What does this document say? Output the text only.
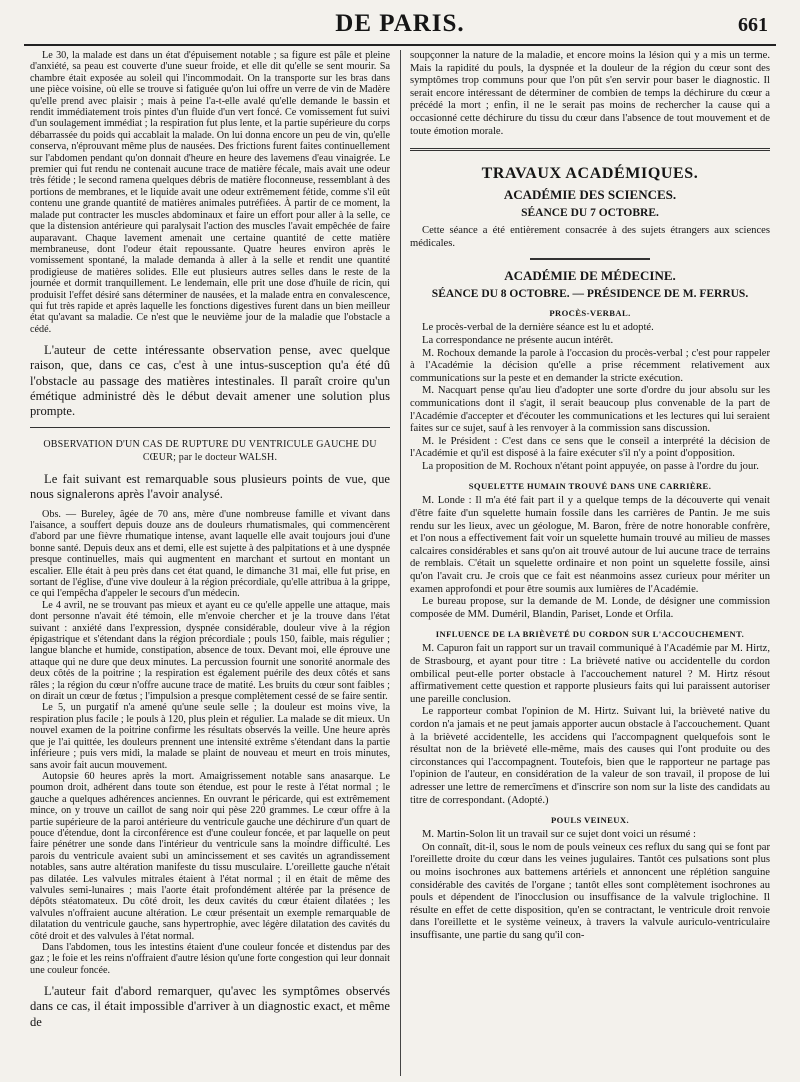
DE PARIS.	661

Le 30, la malade est dans un état d'épuisement notable ; sa figure est pâle et pleine d'anxiété, sa peau est couverte d'une sueur froide, et elle dit qu'elle se sent mourir. Sa chambre était exposée au soleil qui l'incommodait. On la transporte sur les bras dans une pièce voisine, où elle se trouve si fatiguée qu'on lui offre un verre de vin de Madère qu'elle prend avec plaisir ; mais à peine l'a-t-elle avalé qu'elle demande le bassin et rendit immédiatement trois pintes d'un fluide d'un vert foncé. Ce vomissement fut suivi d'un soulagement immédiat ; la respiration fut plus lente, et la partie supérieure du corps débarrassée du poids qui accablait la malade. On lui donna encore un peu de vin, qu'elle conserva, n'éprouvant même plus de nausées. Des frictions furent faites continuellement sur l'abdomen pendant qu'on donnait d'heure en heure des lavemens d'eau vinaigrée. Le premier qui fut rendu ne contenait aucune trace de matière fécale, mais avait une odeur très fétide ; le second ramena quelques débris de matière floconneuse, ressemblant à des portions de membranes, et le liquide avait une odeur extrêmement fétide, comme s'il eût contenu une grande quantité de matières animales putréfiées. À partir de ce moment, la malade put contracter les muscles abdominaux et faire un effort pour aller à la selle, ce que la distension antérieure qui paralysait l'action des muscles l'avait empêchée de faire auparavant. Chaque lavement amenait une certaine quantité de cette matière membraneuse, dont l'odeur était repoussante. Quatre heures environ après le vomissement spontané, la malade demanda à aller à la selle et rendit une quantité prodigieuse de matières solides. Elle eut plusieurs autres selles dans le reste de la journée et dormit tranquillement. Le lendemain, elle prit une dose d'huile de ricin, qui produisit l'effet désiré sans déterminer de nausées, et la malade entra en convalescence, qui fut très rapide et après laquelle les fonctions digestives furent dans un bien meilleur état qu'avant sa maladie. Ce n'est que le neuvième jour de la maladie que l'obstacle a cédé.

L'auteur de cette intéressante observation pense, avec quelque raison, que, dans ce cas, c'est à une intus-susception qu'a été dû l'obstacle au passage des matières intestinales. Il paraît croire qu'un émétique administré dès le début devait amener une solution plus prompte.

OBSERVATION D'UN CAS DE RUPTURE DU VENTRICULE GAUCHE DU CŒUR; par le docteur WALSH.

Le fait suivant est remarquable sous plusieurs points de vue, que nous signalerons après l'avoir analysé.

Obs. — Bureley, âgée de 70 ans, mère d'une nombreuse famille et vivant dans l'aisance, a souffert depuis douze ans de douleurs rhumatismales, qui commencèrent d'abord par une fièvre rhumatique intense, avant laquelle elle avait toujours joui d'une bonne santé. Depuis deux ans et demi, elle est sujette à des palpitations et à une dyspnée presque continuelles, mais qui augmentent en marchant et surtout en montant un escalier. Elle était à peu près dans cet état quand, le dimanche 31 mai, elle fut prise, en sortant de l'église, d'une vive douleur à la région précordiale, qu'elle attribua à la grippe, ce qui l'empêcha d'appeler le secours d'un médecin.

Le 4 avril, ne se trouvant pas mieux et ayant eu ce qu'elle appelle une attaque, mais dont personne n'avait été témoin, elle m'envoie chercher et je la trouve dans l'état suivant : anxiété dans l'expression, dyspnée considérable, douleur vive à la région épigastrique et s'étendant dans la région précordiale ; pouls 150, faible, mais régulier ; langue blanche et humide, constipation, absence de toux. Devant moi, elle éprouve une attaque qui ne dure que deux minutes. La percussion fournit une sonorité anormale des deux côtés de la poitrine ; la respiration est également puérile des deux côtés et sans râles ; la région du cœur n'offre aucune trace de matité. Les bruits du cœur sont faibles ; on dirait un cœur de fœtus ; l'impulsion a presque complètement cessé de se faire sentir.

Le 5, un purgatif n'a amené qu'une seule selle ; la douleur est moins vive, la respiration plus facile ; le pouls à 120, plus plein et régulier. La malade se dit mieux. Un nouvel examen de la poitrine confirme les résultats observés la veille. Une heure après que je l'ai quittée, les douleurs prennent une intensité extrême s'étendant dans la partie inférieure ; puis vers midi, la malade se plaint de nouveau et meurt en trois minutes, sans avoir fait aucun mouvement.

Autopsie 60 heures après la mort. Amaigrissement notable sans anasarque. Le poumon droit, adhérent dans toute son étendue, est pour le reste à l'état normal ; le gauche a quelques adhérences anciennes. En ouvrant le péricarde, qui est extrêmement mince, on y trouve un caillot de sang noir qui pèse 220 grammes. Le cœur offre à la partie supérieure de la paroi antérieure du ventricule gauche une déchirure d'un quart de pouce d'étendue, dont la circonférence est d'une couleur foncée, et par laquelle on peut faire pénétrer une sonde dans l'intérieur du ventricule sans la moindre difficulté. Les parois du ventricule avaient subi un amincissement et ses cavités un agrandissement notables, sans autre altération manifeste du tissu musculaire. L'oreillette gauche n'était pas dilatée. Les valvules mitrales étaient à l'état normal ; il en était de même des valvules semi-lunaires ; mais l'aorte était profondément altérée par la présence de dépôts stéatomateux. Du côté droit, les deux cavités du cœur étaient dilatées ; les valvules n'offraient aucune altération. Le cœur présentait un exemple remarquable de dilatation du ventricule gauche, sans hypertrophie, avec légère dilatation des cavités du côté droit et des valvules à l'état normal.

Dans l'abdomen, tous les intestins étaient d'une couleur foncée et distendus par des gaz ; le foie et les reins n'offraient d'autre lésion qu'une forte congestion qui leur donnait une couleur foncée.

L'auteur fait d'abord remarquer, qu'avec les symptômes observés dans ce cas, il était impossible d'arriver à un diagnostic exact, et même de

soupçonner la nature de la maladie, et encore moins la lésion qui y a mis un terme. Mais la rapidité du pouls, la dyspnée et la douleur de la région du cœur sont des symptômes trop communs pour que l'on pût s'en servir pour baser le diagnostic. Il serait encore intéressant de déterminer de combien de temps la déchirure du cœur a précédé la mort ; enfin, il ne le serait pas moins de rechercher la cause qui a occasionné cette déchirure du tissu du cœur dans l'absence de tout mouvement et de toute émotion morale.

TRAVAUX ACADÉMIQUES.
ACADÉMIE DES SCIENCES.
SÉANCE DU 7 OCTOBRE.

Cette séance a été entièrement consacrée à des sujets étrangers aux sciences médicales.

ACADÉMIE DE MÉDECINE.
SÉANCE DU 8 OCTOBRE. — PRÉSIDENCE DE M. FERRUS.
PROCÈS-VERBAL.

Le procès-verbal de la dernière séance est lu et adopté.

La correspondance ne présente aucun intérêt.

M. Rochoux demande la parole à l'occasion du procès-verbal ; c'est pour rappeler à l'Académie la décision qu'elle a prise récemment relativement aux communications sur la peste et en demander la stricte exécution.

M. Nacquart pense qu'au lieu d'adopter une sorte d'ordre du jour absolu sur les communications dont il s'agit, il serait beaucoup plus convenable de la part de l'Académie d'accepter et d'écouter les communications et les lectures qui lui seraient faites sur ce sujet, sauf à les renvoyer à la commission sans discussion.

M. le Président : C'est dans ce sens que le conseil a interprété la décision de l'Académie et qu'il est disposé à la faire exécuter s'il n'y a point d'opposition.

La proposition de M. Rochoux n'étant point appuyée, on passe à l'ordre du jour.

SQUELETTE HUMAIN TROUVÉ DANS UNE CARRIÈRE.

M. Londe : Il m'a été fait part il y a quelque temps de la découverte qui venait d'être faite d'un squelette humain fossile dans les carrières de Pantin. Je me suis rendu sur les lieux, avec un géologue, M. Baron, frère de notre honorable confrère, et l'on nous a effectivement fait voir un squelette humain trouvé au milieu de masses calcaires considérables et sans qu'on ait trouvé autour de lui aucune trace de terrains de remblais. C'était un squelette ordinaire et non point un squelette fossile, ainsi qu'on l'avait cru. Je crois que ce fait est néanmoins assez curieux pour mériter un examen approfondi et pour être soumis aux lumières de l'Académie.

Le bureau propose, sur la demande de M. Londe, de désigner une commission composée de MM. Duméril, Blandin, Pariset, Londe et Orfila.

INFLUENCE DE LA BRIÈVETÉ DU CORDON SUR L'ACCOUCHEMENT.

M. Capuron fait un rapport sur un travail communiqué à l'Académie par M. Hirtz, de Strasbourg, et ayant pour titre : La brièveté native ou accidentelle du cordon ombilical peut-elle porter obstacle à l'accouchement naturel ? M. Hirtz résout affirmativement cette question et rapporte plusieurs faits qui lui paraissent autoriser une pareille conclusion.

Le rapporteur combat l'opinion de M. Hirtz. Suivant lui, la brièveté native du cordon n'a jamais et ne peut jamais apporter aucun obstacle à l'accouchement. Quant à la brièveté accidentelle, les accidens qui l'accompagnent quelquefois sont le résultat non de la brièveté elle-même, mais des causes qui l'ont produite ou des circonstances qui l'accompagnent. Toutefois, bien que le rapporteur ne partage pas l'opinion de l'auteur, en considération de la valeur de son travail, il propose de lui adresser une lettre de remercîmens et d'inscrire son nom sur la liste des candidats au titre de correspondant. (Adopté.)

POULS VEINEUX.

M. Martin-Solon lit un travail sur ce sujet dont voici un résumé :

On connaît, dit-il, sous le nom de pouls veineux ces reflux du sang qui se font par l'oreillette droite du cœur dans les veines jugulaires. Tantôt ces pulsations sont plus ou moins isochrones aux battemens artériels et annoncent une réplétion sanguine considérable des cavités de l'organe ; tantôt elles sont complètement isochrones au pouls et dépendent de l'inocclusion ou insuffisance de la valvule triglochine. Il résulte en effet de cette disposition, qu'en se contractant, le ventricule droit renvoie dans l'oreillette et le système veineux, à travers la valvule auriculo-ventriculaire insuffisante, une partie du sang qu'il con-
